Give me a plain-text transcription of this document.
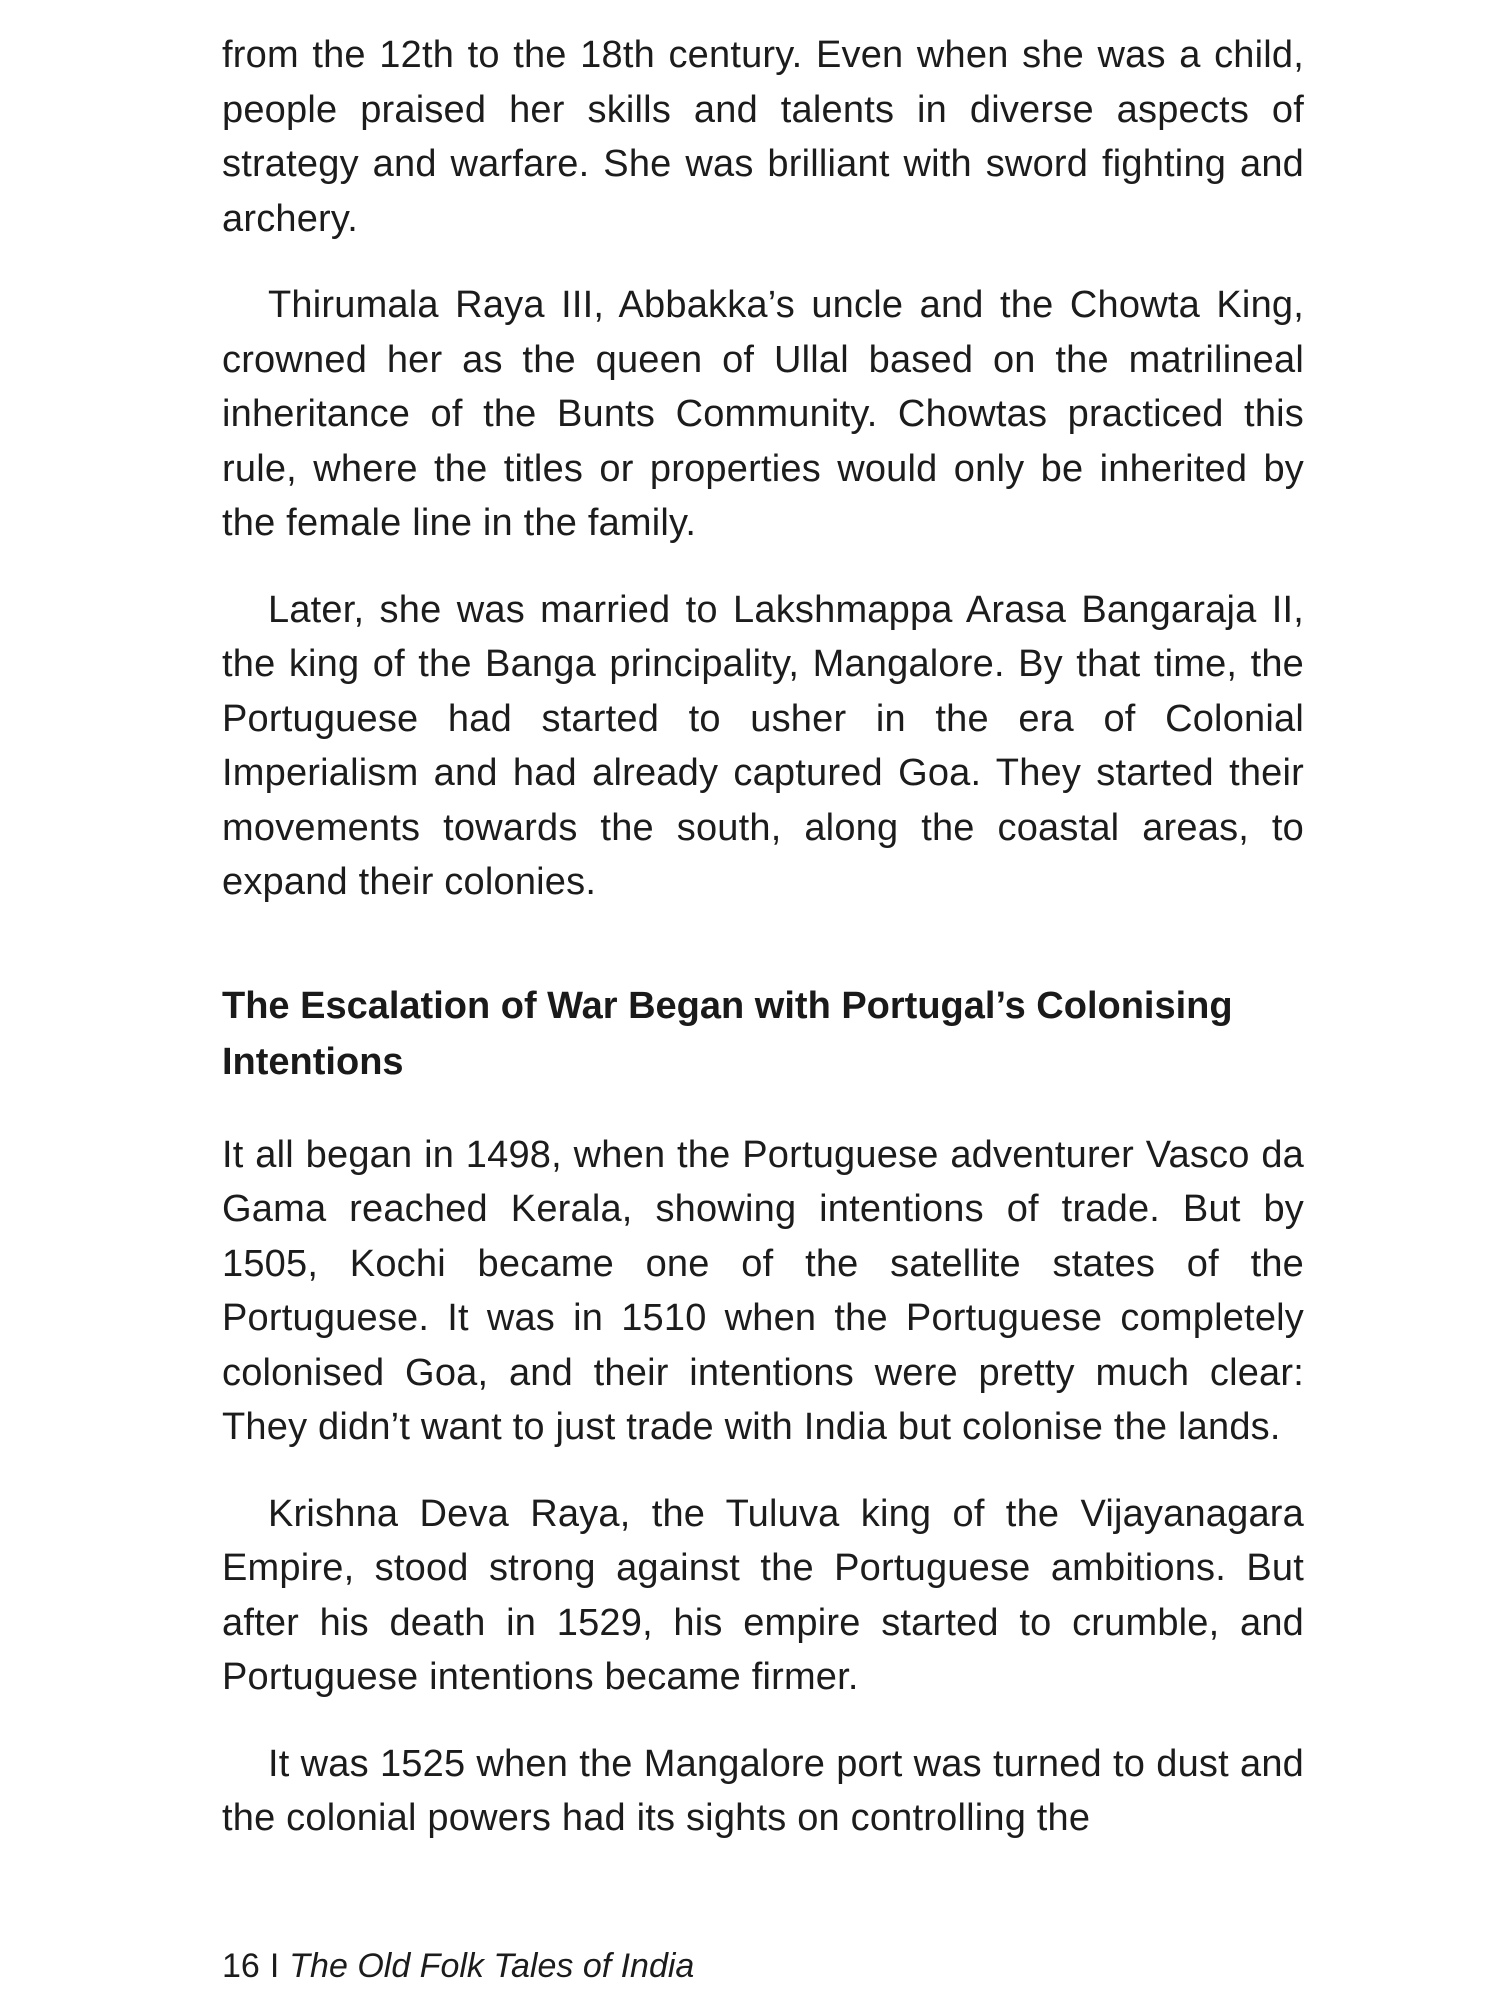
from the 12th to the 18th century. Even when she was a child, people praised her skills and talents in diverse aspects of strategy and warfare. She was brilliant with sword fighting and archery.

Thirumala Raya III, Abbakka’s uncle and the Chowta King, crowned her as the queen of Ullal based on the matrilineal inheritance of the Bunts Community. Chowtas practiced this rule, where the titles or properties would only be inherited by the female line in the family.

Later, she was married to Lakshmappa Arasa Bangaraja II, the king of the Banga principality, Mangalore. By that time, the Portuguese had started to usher in the era of Colonial Imperialism and had already captured Goa. They started their movements towards the south, along the coastal areas, to expand their colonies.

The Escalation of War Began with Portugal’s Colonising Intentions

It all began in 1498, when the Portuguese adventurer Vasco da Gama reached Kerala, showing intentions of trade. But by 1505, Kochi became one of the satellite states of the Portuguese. It was in 1510 when the Portuguese completely colonised Goa, and their intentions were pretty much clear: They didn’t want to just trade with India but colonise the lands.

Krishna Deva Raya, the Tuluva king of the Vijayanagara Empire, stood strong against the Portuguese ambitions. But after his death in 1529, his empire started to crumble, and Portuguese intentions became firmer.

It was 1525 when the Mangalore port was turned to dust and the colonial powers had its sights on controlling the

16 I The Old Folk Tales of India
